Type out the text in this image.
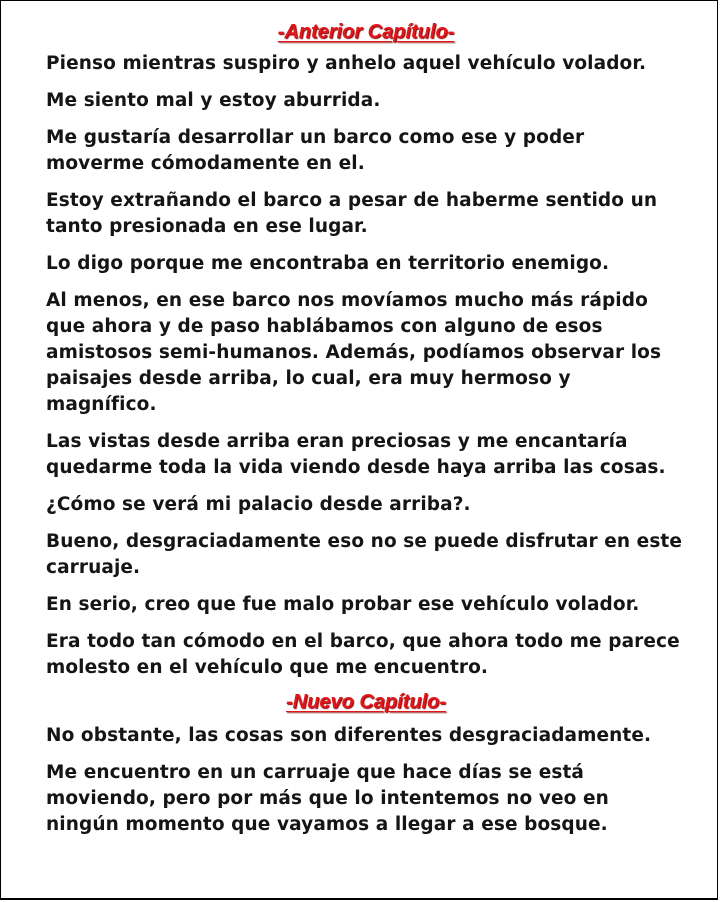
-Anterior Capítulo-

Pienso mientras suspiro y anhelo aquel vehículo volador.

Me siento mal y estoy aburrida.

Me gustaría desarrollar un barco como ese y poder moverme cómodamente en el.

Estoy extrañando el barco a pesar de haberme sentido un tanto presionada en ese lugar.

Lo digo porque me encontraba en territorio enemigo.

Al menos, en ese barco nos movíamos mucho más rápido que ahora y de paso hablábamos con alguno de esos amistosos semi-humanos. Además, podíamos observar los paisajes desde arriba, lo cual, era muy hermoso y magnífico.

Las vistas desde arriba eran preciosas y me encantaría quedarme toda la vida viendo desde haya arriba las cosas.

¿Cómo se verá mi palacio desde arriba?.

Bueno, desgraciadamente eso no se puede disfrutar en este carruaje.

En serio, creo que fue malo probar ese vehículo volador.

Era todo tan cómodo en el barco, que ahora todo me parece molesto en el vehículo que me encuentro.

-Nuevo Capítulo-

No obstante, las cosas son diferentes desgraciadamente.

Me encuentro en un carruaje que hace días se está moviendo, pero por más que lo intentemos no veo en ningún momento que vayamos a llegar a ese bosque.
